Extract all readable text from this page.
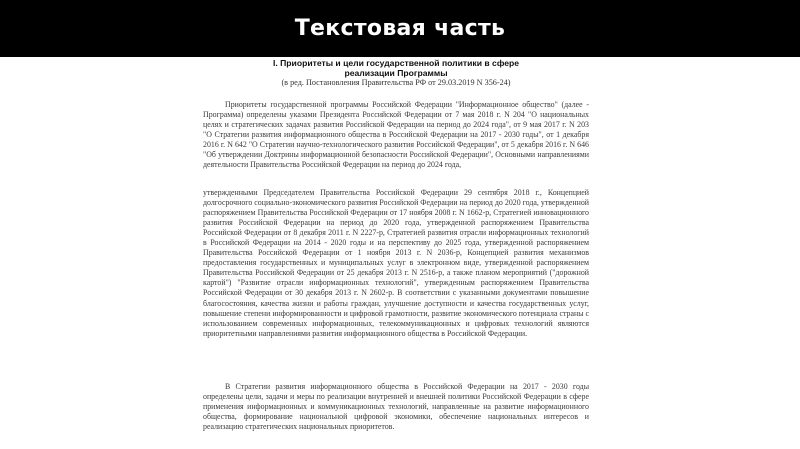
Текстовая часть
I. Приоритеты и цели государственной политики в сфере
реализации Программы
(в ред. Постановления Правительства РФ от 29.03.2019 N 356-24)

Приоритеты государственной программы Российской Федерации "Информационное общество" (далее - Программа) определены указами Президента Российской Федерации от 7 мая 2018 г. N 204 "О национальных целях и стратегических задачах развития Российской Федерации на период до 2024 года", от 9 мая 2017 г. N 203 "О Стратегии развития информационного общества в Российской Федерации на 2017 - 2030 годы", от 1 декабря 2016 г. N 642 "О Стратегии научно-технологического развития Российской Федерации", от 5 декабря 2016 г. N 646 "Об утверждении Доктрины информационной безопасности Российской Федерации", Основными направлениями деятельности Правительства Российской Федерации на период до 2024 года,

утвержденными Председателем Правительства Российской Федерации 29 сентября 2018 г., Концепцией долгосрочного социально-экономического развития Российской Федерации на период до 2020 года, утвержденной распоряжением Правительства Российской Федерации от 17 ноября 2008 г. N 1662-р, Стратегией инновационного развития Российской Федерации на период до 2020 года, утвержденной распоряжением Правительства Российской Федерации от 8 декабря 2011 г. N 2227-р, Стратегией развития отрасли информационных технологий в Российской Федерации на 2014 - 2020 годы и на перспективу до 2025 года, утвержденной распоряжением Правительства Российской Федерации от 1 ноября 2013 г. N 2036-р, Концепцией развития механизмов предоставления государственных и муниципальных услуг в электронном виде, утвержденной распоряжением Правительства Российской Федерации от 25 декабря 2013 г. N 2516-р, а также планом мероприятий ("дорожной картой") "Развитие отрасли информационных технологий", утвержденным распоряжением Правительства Российской Федерации от 30 декабря 2013 г. N 2602-р. В соответствии с указанными документами повышение благосостояния, качества жизни и работы граждан, улучшение доступности и качества государственных услуг, повышение степени информированности и цифровой грамотности, развитие экономического потенциала страны с использованием современных информационных, телекоммуникационных и цифровых технологий являются приоритетными направлениями развития информационного общества в Российской Федерации.

В Стратегии развития информационного общества в Российской Федерации на 2017 - 2030 годы определены цели, задачи и меры по реализации внутренней и внешней политики Российской Федерации в сфере применения информационных и коммуникационных технологий, направленные на развитие информационного общества, формирование национальной цифровой экономики, обеспечение национальных интересов и реализацию стратегических национальных приоритетов.
